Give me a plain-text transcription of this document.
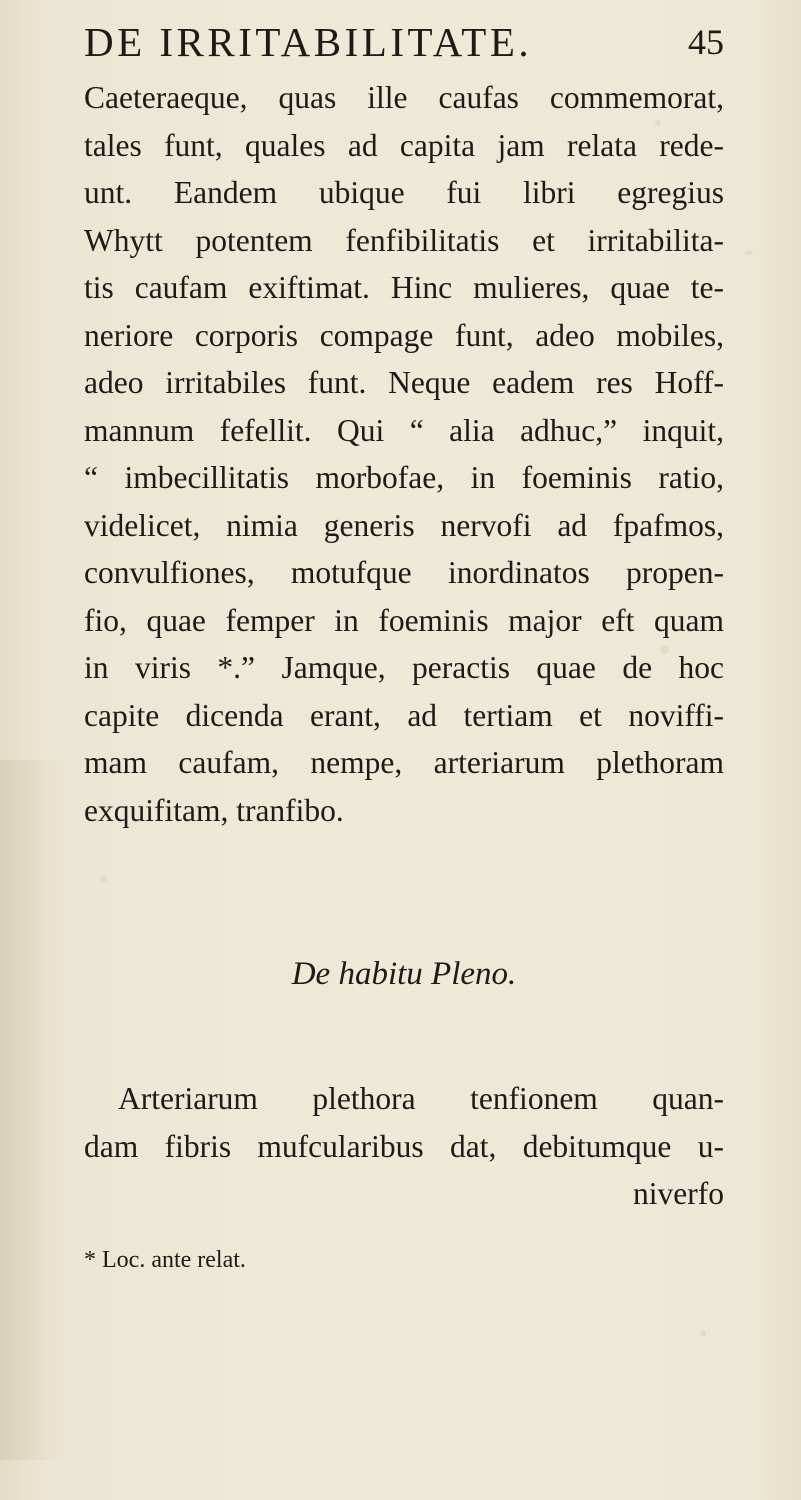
DE IRRITABILITATE.	45
Caeteraeque, quas ille caufas commemorat,
tales funt, quales ad capita jam relata rede-
unt. Eandem ubique fui libri egregius
Whytt potentem fenfibilitatis et irritabilita-
tis caufam exiftimat. Hinc mulieres, quae te-
neriore corporis compage funt, adeo mobiles,
adeo irritabiles funt. Neque eadem res Hoff-
mannum fefellit. Qui “ alia adhuc,” inquit,
“ imbecillitatis morbofae, in foeminis ratio,
videlicet, nimia generis nervofi ad fpafmos,
convulfiones, motufque inordinatos propen-
fio, quae femper in foeminis major eft quam
in viris *.” Jamque, peractis quae de hoc
capite dicenda erant, ad tertiam et noviffi-
mam caufam, nempe, arteriarum plethoram
exquifitam, tranfibo.
De habitu Pleno.
Arteriarum plethora tenfionem quan-
dam fibris mufcularibus dat, debitumque u-
niverfo
* Loc. ante relat.
